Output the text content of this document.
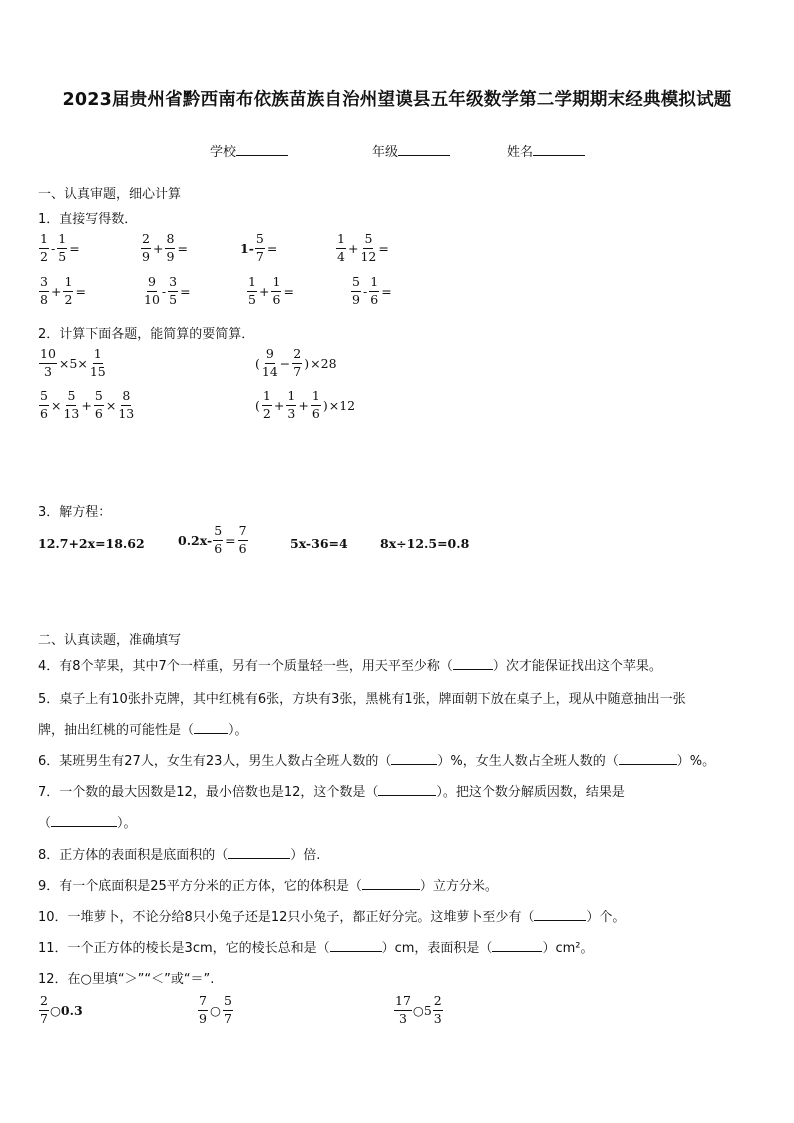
2023届贵州省黔西南布依族苗族自治州望谟县五年级数学第二学期期末经典模拟试题
学校	年级	姓名
一、认真审题，细心计算
1．直接写得数．
$\frac{1}{2} - \frac{1}{5}$ =	$\frac{2}{9} + \frac{8}{9}$ =	$1- \frac{5}{7}$ =	$\frac{1}{4} + \frac{5}{12}$ =
$\frac{3}{8} + \frac{1}{2}$ =	$\frac{9}{10} - \frac{3}{5}$ =	$\frac{1}{5} + \frac{1}{6}$ =	$\frac{5}{9} - \frac{1}{6}$ =
2．计算下面各题，能简算的要简算．
$\frac{10}{3} \times 5\times \frac{1}{15}$	( $\frac{9}{14} - \frac{2}{7}$ ) ×28
$\frac{5}{6} \times \frac{5}{13} + \frac{5}{6} \times \frac{8}{13}$	( $\frac{1}{2} + \frac{1}{3} + \frac{1}{6}$ ) ×12
3．解方程：
12.7+2x=18.62	$0.2x- \frac{5}{6} = \frac{7}{6}$	5x-36=4	8x÷12.5=0.8
二、认真读题，准确填写
4．有8个苹果，其中7个一样重，另有一个质量轻一些，用天平至少称（	）次才能保证找出这个苹果。
5．桌子上有10张扑克牌，其中红桃有6张，方块有3张，黑桃有1张，牌面朝下放在桌子上，现从中随意抽出一张
牌，抽出红桃的可能性是（	）。
6．某班男生有27人，女生有23人，男生人数占全班人数的（	）%，女生人数占全班人数的（	）%。
7．一个数的最大因数是12，最小倍数也是12，这个数是（	）。把这个数分解质因数，结果是
（	）。
8．正方体的表面积是底面积的（	）倍.
9．有一个底面积是25平方分米的正方体，它的体积是（	）立方分米。
10．一堆萝卜，不论分给8只小兔子还是12只小兔子，都正好分完。这堆萝卜至少有（	）个。
11．一个正方体的棱长是3cm，它的棱长总和是（	）cm，表面积是（	）cm²。
12．在○里填“＞”“＜”或“＝”.
$\frac{2}{7}$ ○0.3	$\frac{7}{9}$ ○ $\frac{5}{7}$	$\frac{17}{3}$ ○5 $\frac{2}{3}$
